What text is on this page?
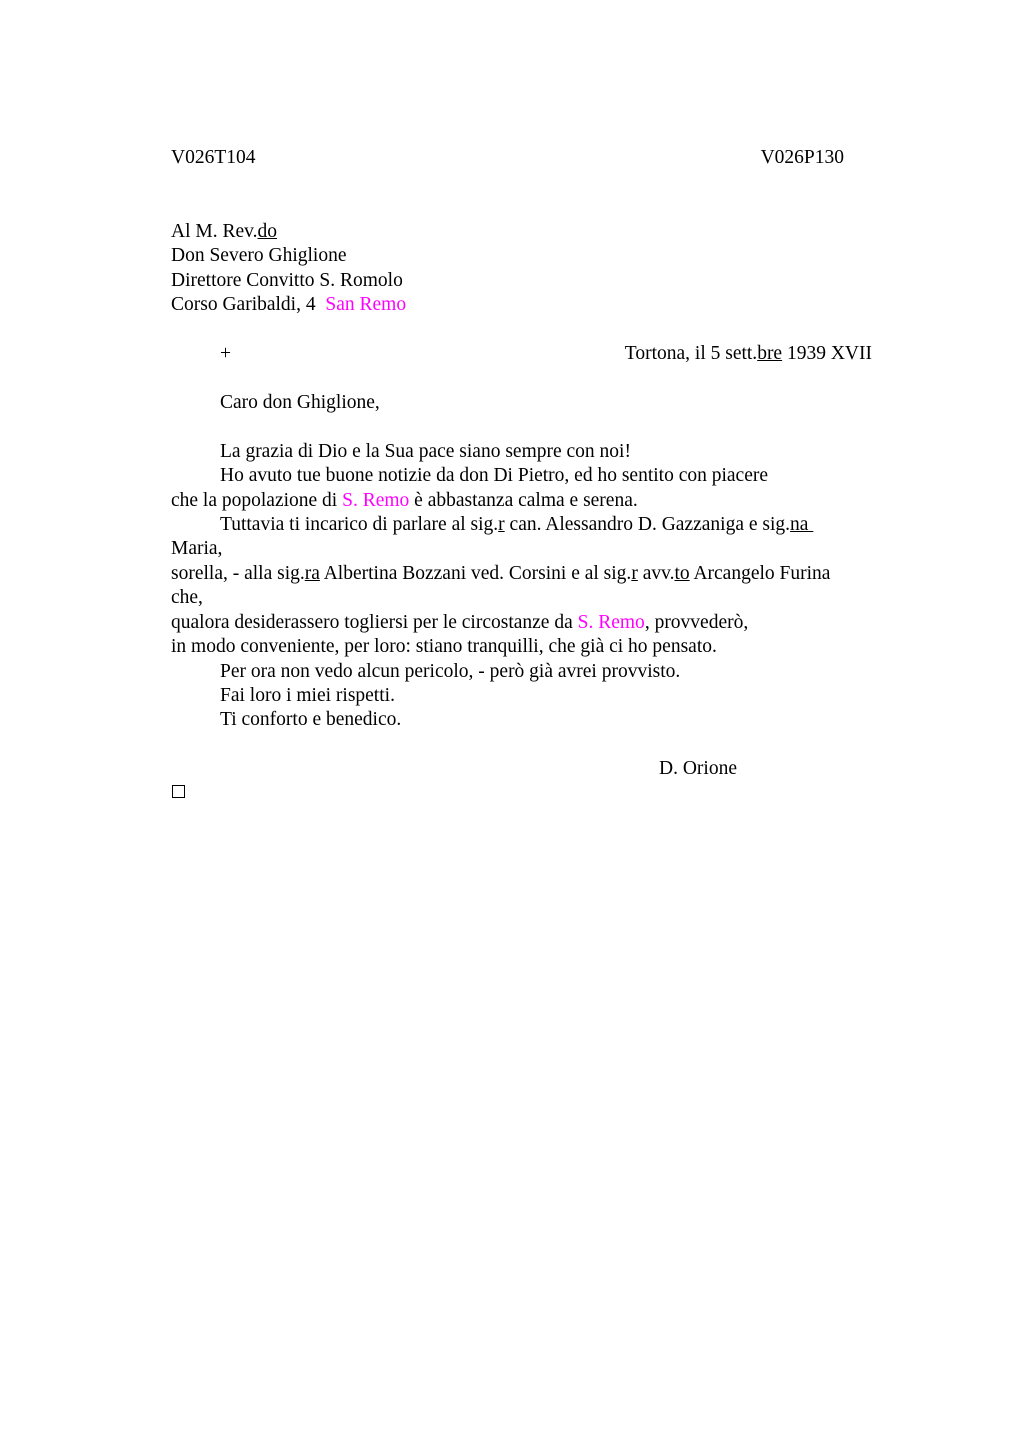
V026T104	V026P130
Al M. Rev.do
Don Severo Ghiglione
Direttore Convitto S. Romolo
Corso Garibaldi, 4 San Remo
+	Tortona, il 5 sett.bre 1939 XVII
Caro don Ghiglione,
La grazia di Dio e la Sua pace siano sempre con noi!
Ho avuto tue buone notizie da don Di Pietro, ed ho sentito con piacere
che la popolazione di S. Remo è abbastanza calma e serena.
Tuttavia ti incarico di parlare al sig.r can. Alessandro D. Gazzaniga e sig.na
Maria,
sorella, - alla sig.ra Albertina Bozzani ved. Corsini e al sig.r avv.to Arcangelo Furina
che,
qualora desiderassero togliersi per le circostanze da S. Remo, provvederò,
in modo conveniente, per loro: stiano tranquilli, che già ci ho pensato.
Per ora non vedo alcun pericolo, - però già avrei provvisto.
Fai loro i miei rispetti.
Ti conforto e benedico.
D. Orione
